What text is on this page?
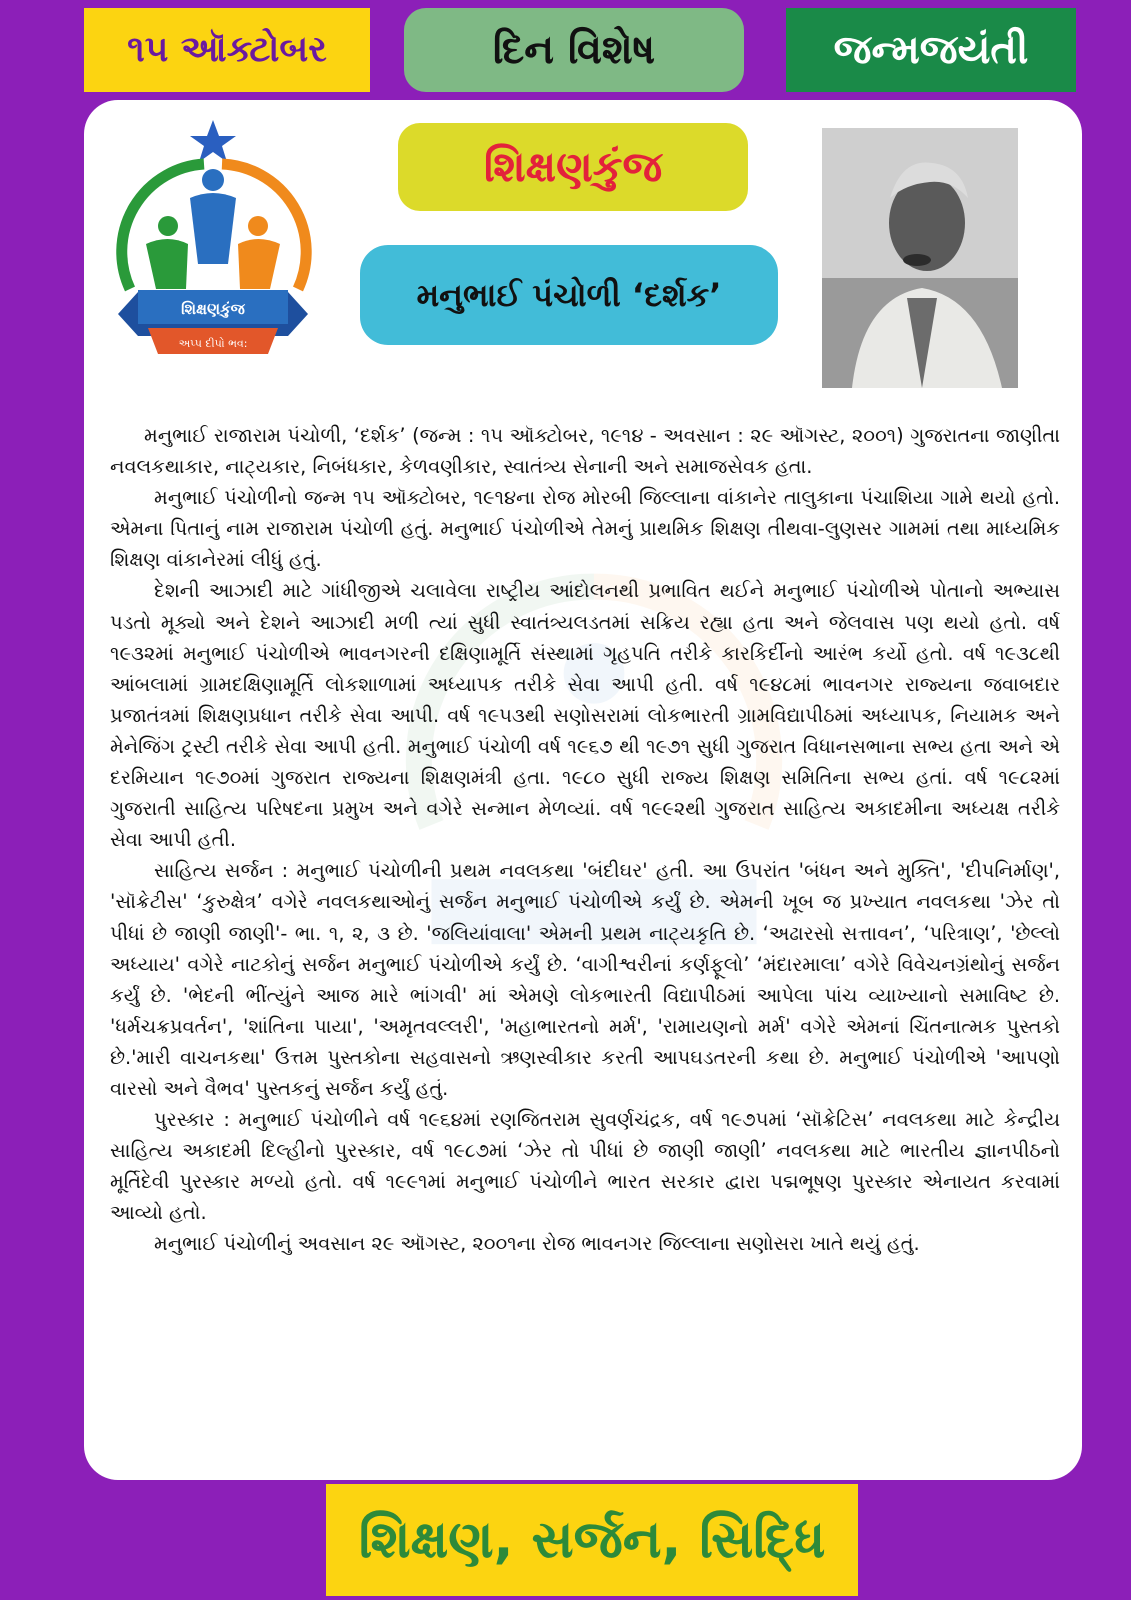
૧૫ ઑક્ટોબર	દિન વિશેષ	જન્મજયંતી
શિક્ષણકુંજ
અપ્પ દીપો ભવ:
શિક્ષણકુંજ
મનુભાઈ પંચોળી ‘દર્શક’

મનુભાઈ રાજારામ પંચોળી, ‘દર્શક’ (જન્મ : ૧૫ ઑક્ટોબર, ૧૯૧૪ - અવસાન : ૨૯ ઑગસ્ટ, ૨૦૦૧) ગુજરાતના જાણીતા નવલકથાકાર, નાટ્યકાર, નિબંધકાર, કેળવણીકાર, સ્વાતંત્ર્ય સેનાની અને સમાજસેવક હતા.

મનુભાઈ પંચોળીનો જન્મ ૧૫ ઑક્ટોબર, ૧૯૧૪ના રોજ મોરબી જિલ્લાના વાંકાનેર તાલુકાના પંચાશિયા ગામે થયો હતો. એમના પિતાનું નામ રાજારામ પંચોળી હતું. મનુભાઈ પંચોળીએ તેમનું પ્રાથમિક શિક્ષણ તીથવા-લુણસર ગામમાં તથા માધ્યમિક શિક્ષણ વાંકાનેરમાં લીધું હતું.

દેશની આઝાદી માટે ગાંધીજીએ ચલાવેલા રાષ્ટ્રીય આંદોલનથી પ્રભાવિત થઈને મનુભાઈ પંચોળીએ પોતાનો અભ્યાસ પડતો મૂક્યો અને દેશને આઝાદી મળી ત્યાં સુધી સ્વાતંત્ર્યલડતમાં સક્રિય રહ્યા હતા અને જેલવાસ પણ થયો હતો. વર્ષ ૧૯૩૨માં મનુભાઈ પંચોળીએ ભાવનગરની દક્ષિણામૂર્તિ સંસ્થામાં ગૃહપતિ તરીકે કારકિર્દીનો આરંભ કર્યો હતો. વર્ષ ૧૯૩૮થી આંબલામાં ગ્રામદક્ષિણામૂર્તિ લોકશાળામાં અધ્યાપક તરીકે સેવા આપી હતી. વર્ષ ૧૯૪૮માં ભાવનગર રાજ્યના જવાબદાર પ્રજાતંત્રમાં શિક્ષણપ્રધાન તરીકે સેવા આપી. વર્ષ ૧૯૫૩થી સણોસરામાં લોકભારતી ગ્રામવિદ્યાપીઠમાં અધ્યાપક, નિયામક અને મેનેજિંગ ટ્રસ્ટી તરીકે સેવા આપી હતી. મનુભાઈ પંચોળી વર્ષ ૧૯૬૭ થી ૧૯૭૧ સુધી ગુજરાત વિધાનસભાના સભ્ય હતા અને એ દરમિયાન ૧૯૭૦માં ગુજરાત રાજ્યના શિક્ષણમંત્રી હતા. ૧૯૮૦ સુધી રાજ્ય શિક્ષણ સમિતિના સભ્ય હતાં. વર્ષ ૧૯૮૨માં ગુજરાતી સાહિત્ય પરિષદના પ્રમુખ અને વગેરે સન્માન મેળવ્યાં. વર્ષ ૧૯૯૨થી ગુજરાત સાહિત્ય અકાદમીના અધ્યક્ષ તરીકે સેવા આપી હતી.

સાહિત્ય સર્જન : મનુભાઈ પંચોળીની પ્રથમ નવલકથા 'બંદીઘર' હતી. આ ઉપરાંત 'બંધન અને મુક્તિ', 'દીપનિર્માણ', 'સૉક્રેટીસ' ‘કુરુક્ષેત્ર’ વગેરે નવલકથાઓનું સર્જન મનુભાઈ પંચોળીએ કર્યું છે. એમની ખૂબ જ પ્રખ્યાત નવલકથા 'ઝેર તો પીધાં છે જાણી જાણી'- ભા. ૧, ૨, ૩ છે. 'જલિયાંવાલા' એમની પ્રથમ નાટ્યકૃતિ છે. ‘અઢારસો સત્તાવન’, ‘પરિત્રાણ’, 'છેલ્લો અધ્યાય' વગેરે નાટકોનું સર્જન મનુભાઈ પંચોળીએ કર્યું છે. ‘વાગીશ્વરીનાં કર્ણફૂલો’ ‘મંદારમાલા’ વગેરે વિવેચનગ્રંથોનું સર્જન કર્યું છે. 'ભેદની ભીંત્યુંને આજ મારે ભાંગવી' માં એમણે લોકભારતી વિદ્યાપીઠમાં આપેલા પાંચ વ્યાખ્યાનો સમાવિષ્ટ છે. 'ધર્મચક્રપ્રવર્તન', 'શાંતિના પાયા', 'અમૃતવલ્લરી', 'મહાભારતનો મર્મ', 'રામાયણનો મર્મ' વગેરે એમનાં ચિંતનાત્મક પુસ્તકો છે.'મારી વાચનકથા' ઉત્તમ પુસ્તકોના સહવાસનો ઋણસ્વીકાર કરતી આપઘડતરની કથા છે. મનુભાઈ પંચોળીએ 'આપણો વારસો અને વૈભવ' પુસ્તકનું સર્જન કર્યું હતું.

પુરસ્કાર : મનુભાઈ પંચોળીને વર્ષ ૧૯૬૪માં રણજિતરામ સુવર્ણચંદ્રક, વર્ષ ૧૯૭૫માં ‘સૉક્રેટિસ’ નવલકથા માટે કેન્દ્રીય સાહિત્ય અકાદમી દિલ્હીનો પુરસ્કાર, વર્ષ ૧૯૮૭માં ‘ઝેર તો પીધાં છે જાણી જાણી’ નવલકથા માટે ભારતીય જ્ઞાનપીઠનો મૂર્તિદેવી પુરસ્કાર મળ્યો હતો. વર્ષ ૧૯૯૧માં મનુભાઈ પંચોળીને ભારત સરકાર દ્વારા પદ્મભૂષણ પુરસ્કાર એનાયત કરવામાં આવ્યો હતો.

મનુભાઈ પંચોળીનું અવસાન ૨૯ ઑગસ્ટ, ૨૦૦૧ના રોજ ભાવનગર જિલ્લાના સણોસરા ખાતે થયું હતું.

શિક્ષણ, સર્જન, સિદ્ધિ
